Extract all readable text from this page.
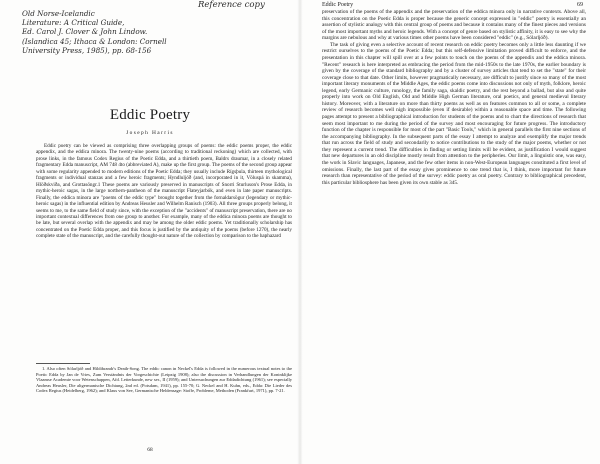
Reference copy
Old Norse-Icelandic
Literature: A Critical Guide,
Ed. Carol J. Clover & John Lindow.
(Islandica 45; Ithaca & London: Cornell
University Press, 1985), pp. 68-156
Eddic Poetry
Joseph Harris

Eddic poetry can be viewed as comprising three overlapping groups of poems: the eddic poems proper, the eddic appendix, and the eddica minora. The twenty-nine poems (according to traditional reckoning) which are collected, with prose links, in the famous Codex Regius of the Poetic Edda, and a thirtieth poem, Baldrs draumar, in a closely related fragmentary Edda manuscript, AM 748 4to (abbreviated A), make up the first group. The poems of the second group appear with some regularity appended to modern editions of the Poetic Edda; they usually include Rígsþula, thirteen mythological fragments or individual stanzas and a few heroic fragments; Hyndluljóð (and, incorporated in it, Völuspá in skamma), Hlöðskviða, and Grottasöngr.1 These poems are variously preserved in manuscripts of Snorri Sturluson's Prose Edda, in mythic-heroic sagas, in the large northern-pantheon of the manuscript Flateyjarbók, and even in late paper manuscripts. Finally, the eddica minora are "poems of the eddic type" brought together from the fornaldarsögur (legendary or mythic-heroic sagas) in the influential edition by Andreas Heusler and Wilhelm Ranisch (1903). All three groups properly belong, it seems to me, to the same field of study since, with the exception of the "accidents" of manuscript preservation, there are no important contextual differences from one group to another. For example, many of the eddica minora poems are thought to be late, but several overlap with the appendix and may be among the older eddic poems. Yet traditionally scholarship has concentrated on the Poetic Edda proper, and this focus is justified by the antiquity of the poems (before 1270), the nearly complete state of the manuscript, and the carefully thought-out nature of the collection by comparison to the haphazard

1. Also often Sólarljóð and Hildibrandr's Death-Song. The eddic canon in Neckel's Edda is followed in the numerous textual notes to the Poetic Edda by Jan de Vries, Zum Verständnis der Vorgeschichte (Leipzig 1908); also the discussion in Verhandlungen der Koninklijke Vlaamse Academie voor Wetenschappen, Afd. Letterkunde, new ser., II (1959); and Untersuchungen zur Eddadichtung (1961); see especially Andreas Heusler, Die altgermanische Dichtung, 2nd ed. (Potsdam, 1941), pp. 155-70; G. Neckel and H. Kuhn, eds., Edda: Die Lieder des Codex Regius (Heidelberg, 1962); and Klaus von See, Germanische Heldensage: Stoffe, Probleme, Methoden (Frankfurt, 1971), pp. 7-21.

68
Eddic Poetry	69

preservation of the poems of the appendix and the preservation of the eddica minora only in narrative contexts. Above all, this concentration on the Poetic Edda is proper because the generic concept expressed in "eddic" poetry is essentially an assertion of stylistic analogy with this central group of poems and because it contains many of the finest pieces and versions of the most important myths and heroic legends. With a concept of genre based on stylistic affinity, it is easy to see why the margins are nebulous and why at various times other poems have been considered "eddic" (e.g., Sólarljóð).

The task of giving even a selective account of recent research on eddic poetry becomes only a little less daunting if we restrict ourselves to the poems of the Poetic Edda; but this self-defensive limitation proved difficult to enforce, and the presentation in this chapter will spill over at a few points to touch on the poems of the appendix and the eddica minora. "Recent" research is here interpreted as embracing the period from the mid-1950s to the late 1970s, the earlier boundary is given by the coverage of the standard bibliography and by a cluster of survey articles that tend to set the "state" for their coverage close to that date. Other limits, however pragmatically necessary, are difficult to justify since so many of the most important literary monuments of the Middle Ages, the eddic poems come into discussions not only of myth, folklore, heroic legend, early Germanic culture, runology, the family saga, skaldic poetry, and the rest beyond a ballad, but also and quite properly into work on Old English, Old and Middle High German literature, oral poetics, and general medieval literary history. Moreover, with a literature on more than thirty poems as well as on features common to all or some, a complete review of research becomes well nigh impossible (even if desirable) within a reasonable space and time. The following pages attempt to present a bibliographical introduction for students of the poems and to chart the directions of research that seem most important to me during the period of the survey and most encouraging for future progress. The introductory function of the chapter is responsible for most of the part "Basic Tools," which in general parallels the first nine sections of the accompanying bibliography. In the subsequent parts of the essay I attempt to analyze and exemplify the major trends that run across the field of study and secondarily to notice contributions to the study of the major poems, whether or not they represent a current trend. The difficulties in finding or setting limits will be evident, as justification I would suggest that new departures in an old discipline mostly result from attention to the peripheries. Our limit, a linguistic one, was easy, the work in Slavic languages, Japanese, and the few other items in non-West-European languages constituted a first level of omissions. Finally, the last part of the essay gives prominence to one trend that is, I think, more important for future research than representative of the period of the survey: eddic poetry as oral poetry. Contrary to bibliographical precedent, this particular bibliosphere has been given its own stable as 345.
